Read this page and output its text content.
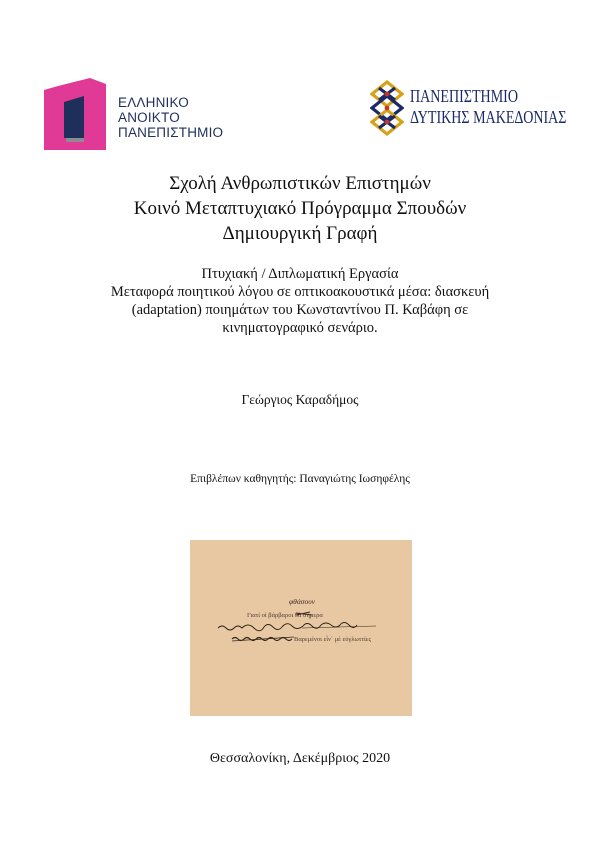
ΕΛΛΗΝΙΚΟ
ΑΝΟΙΚΤΟ
ΠΑΝΕΠΙΣΤΗΜΙΟ
ΠΑΝΕΠΙΣΤΗΜΙΟ
ΔΥΤΙΚΗΣ ΜΑΚΕΔΟΝΙΑΣ
Σχολή Ανθρωπιστικών Επιστημών
Κοινό Μεταπτυχιακό Πρόγραμμα Σπουδών
Δημιουργική Γραφή
Πτυχιακή / Διπλωματική Εργασία
Μεταφορά ποιητικού λόγου σε οπτικοακουστικά μέσα: διασκευή
(adaptation) ποιημάτων του Κωνσταντίνου Π. Καβάφη σε
κινηματογραφικό σενάριο.
Γεώργιος Καραδήμος
Επιβλέπων καθηγητής: Παναγιώτης Ιωσηφέλης
φθάσουν
Γιατί οἱ βάρβαροι θὰ σήμερα
Βαρεμένοι εἶν᾽ μὲ εὐγλωττίες
Θεσσαλονίκη, Δεκέμβριος 2020
